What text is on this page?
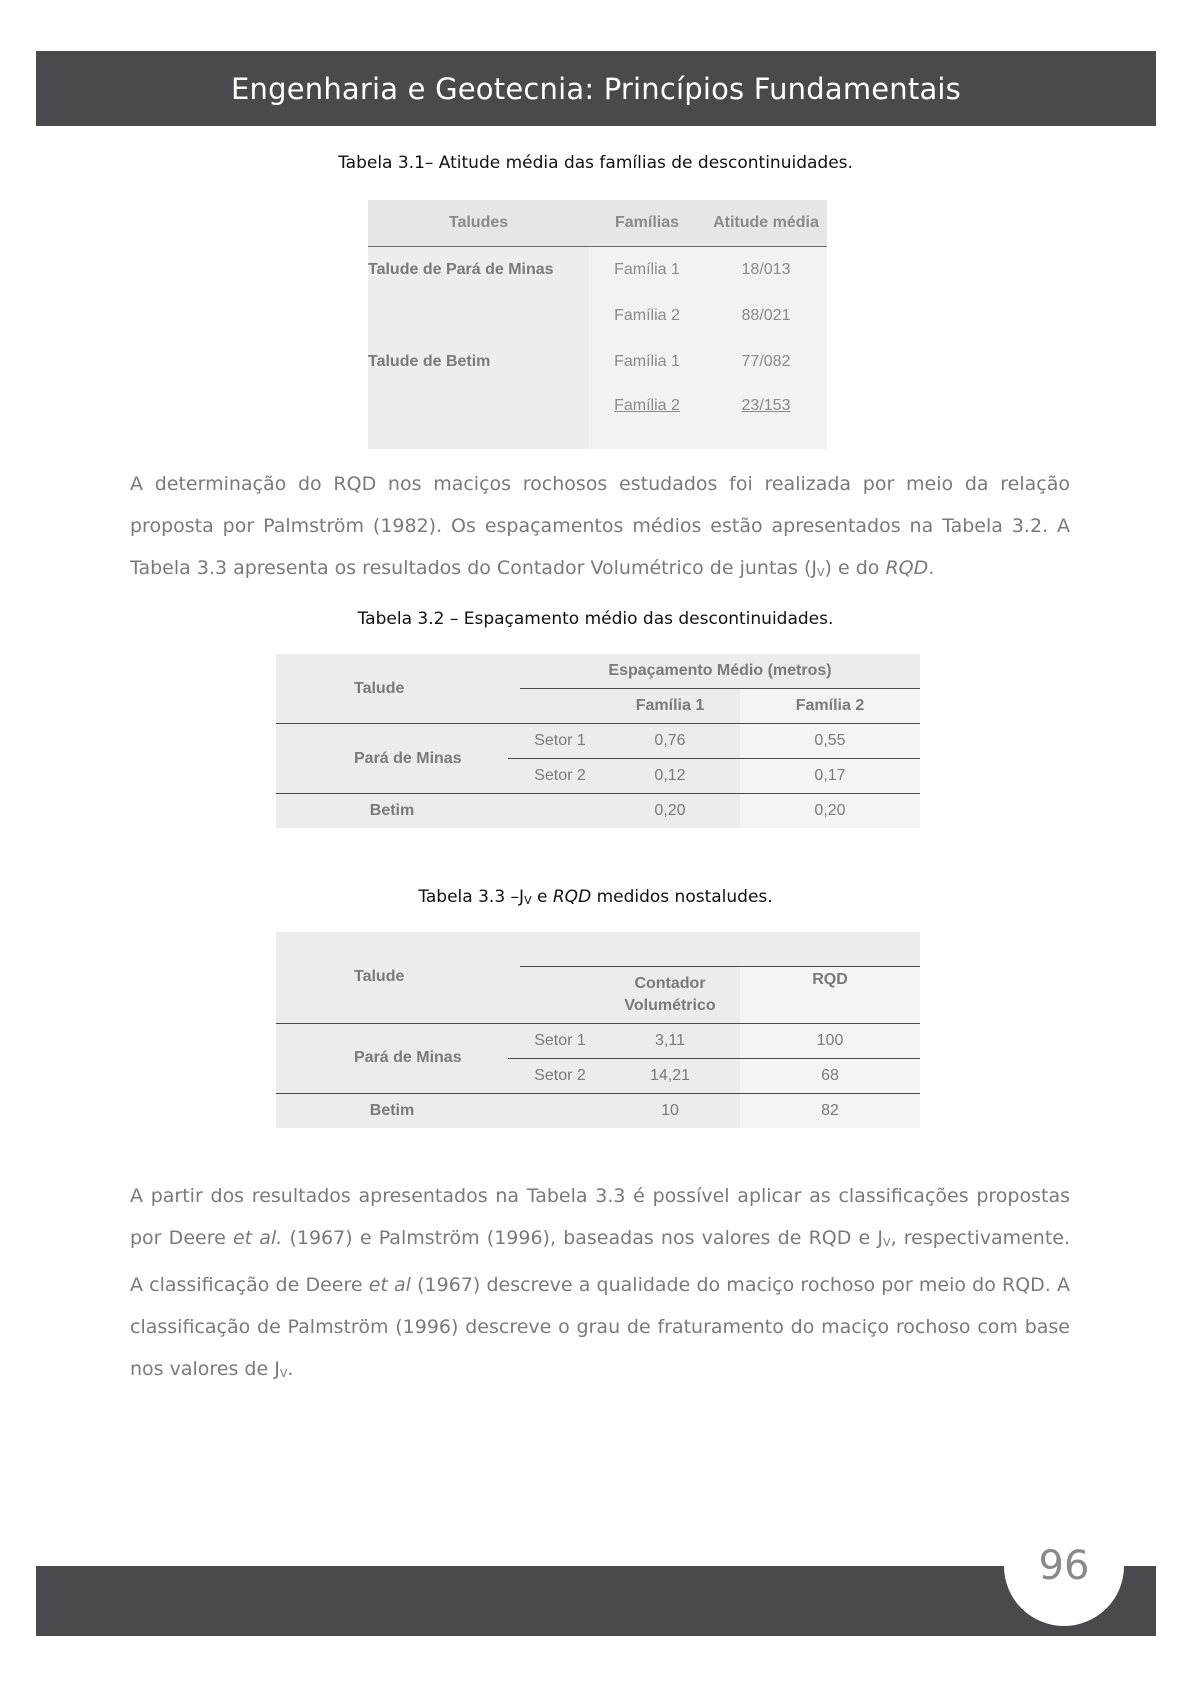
Engenharia e Geotecnia: Princípios Fundamentais
Tabela 3.1– Atitude média das famílias de descontinuidades.
Taludes	Famílias	Atitude média
Talude de Pará de Minas	Família 1	18/013
	Família 2	88/021
Talude de Betim	Família 1	77/082
	Família 2	23/153
A determinação do RQD nos maciços rochosos estudados foi realizada por meio da relação proposta por Palmström (1982). Os espaçamentos médios estão apresentados na Tabela 3.2. A Tabela 3.3 apresenta os resultados do Contador Volumétrico de juntas (JV) e do RQD.
Tabela 3.2 – Espaçamento médio das descontinuidades.
Talude		Espaçamento Médio (metros)		
			Família 1	Família 2
Pará de Minas		Setor 1	0,76	0,55
		Setor 2	0,12	0,17
Betim			0,20	0,20
Tabela 3.3 –JV e RQD medidos nostaludes.
Talude				
			Contador Volumétrico	RQD
Pará de Minas		Setor 1	3,11	100
		Setor 2	14,21	68
Betim			10	82
A partir dos resultados apresentados na Tabela 3.3 é possível aplicar as classificações propostas por Deere et al. (1967) e Palmström (1996), baseadas nos valores de RQD e JV, respectivamente. A classificação de Deere et al (1967) descreve a qualidade do maciço rochoso por meio do RQD. A classificação de Palmström (1996) descreve o grau de fraturamento do maciço rochoso com base nos valores de JV.
96
